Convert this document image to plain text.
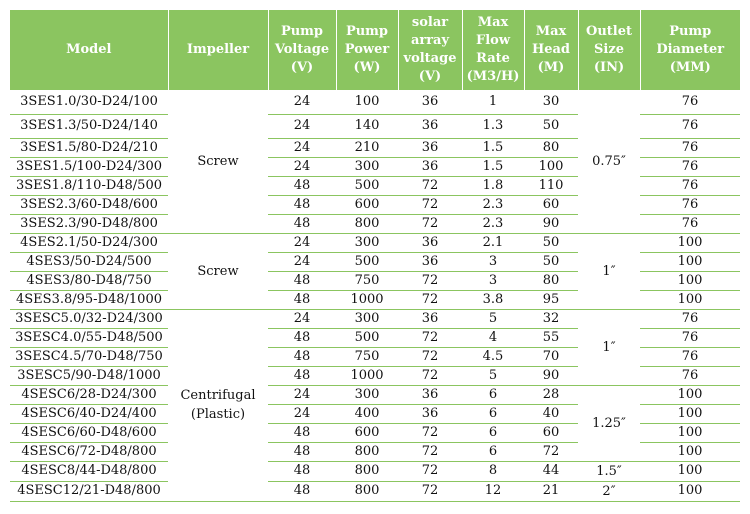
Model	Impeller	Pump Voltage (V)	Pump Power (W)	solar array voltage (V)	Max Flow Rate (M3/H)	Max Head (M)	Outlet Size (IN)	Pump Diameter (MM)
3SES1.0/30-D24/100	Screw	24	100	36	1	30	0.75″	76
3SES1.3/50-D24/140		24	140	36	1.3	50		76
3SES1.5/80-D24/210		24	210	36	1.5	80		76
3SES1.5/100-D24/300		24	300	36	1.5	100		76
3SES1.8/110-D48/500		48	500	72	1.8	110		76
3SES2.3/60-D48/600		48	600	72	2.3	60		76
3SES2.3/90-D48/800		48	800	72	2.3	90		76
4SES2.1/50-D24/300	Screw	24	300	36	2.1	50	1″	100
4SES3/50-D24/500		24	500	36	3	50		100
4SES3/80-D48/750		48	750	72	3	80		100
4SES3.8/95-D48/1000		48	1000	72	3.8	95		100
3SESC5.0/32-D24/300	Centrifugal (Plastic)	24	300	36	5	32	1″	76
3SESC4.0/55-D48/500		48	500	72	4	55		76
3SESC4.5/70-D48/750		48	750	72	4.5	70		76
3SESC5/90-D48/1000		48	1000	72	5	90		76
4SESC6/28-D24/300		24	300	36	6	28	1.25″	100
4SESC6/40-D24/400		24	400	36	6	40		100
4SESC6/60-D48/600		48	600	72	6	60		100
4SESC6/72-D48/800		48	800	72	6	72		100
4SESC8/44-D48/800		48	800	72	8	44	1.5″	100
4SESC12/21-D48/800		48	800	72	12	21	2″	100
